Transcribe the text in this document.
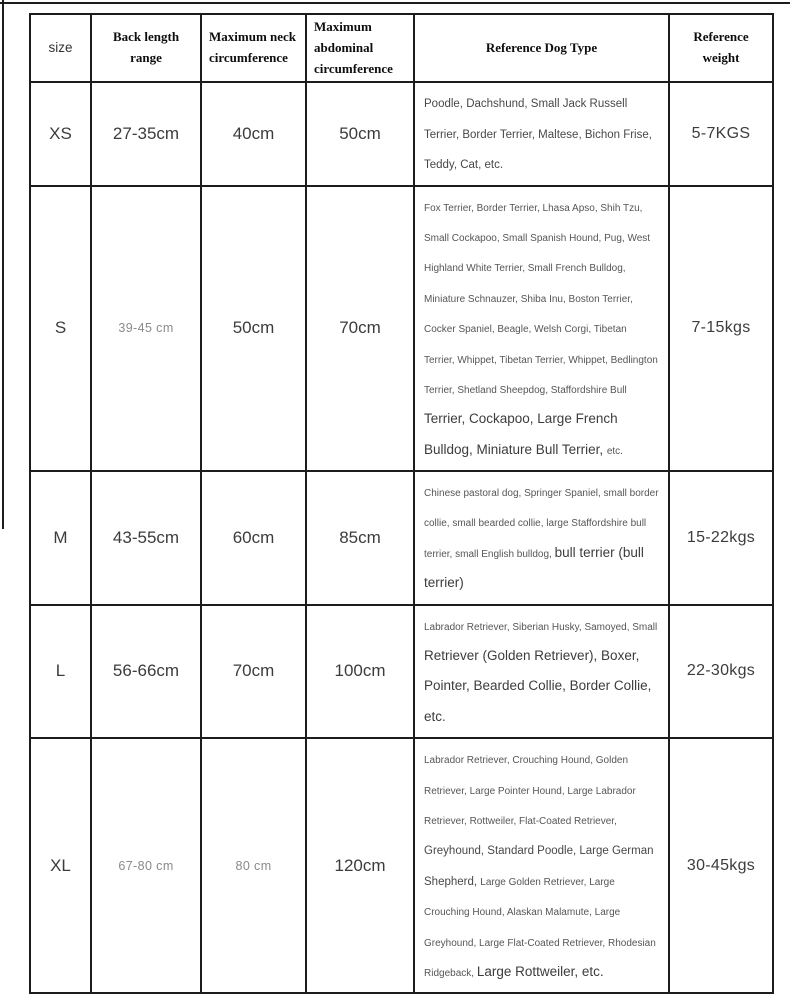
size	Back length range	Maximum neck circumference	Maximum abdominal circumference	Reference Dog Type	Reference weight
XS	27-35cm	40cm	50cm	Poodle, Dachshund, Small Jack Russell Terrier, Border Terrier, Maltese, Bichon Frise, Teddy, Cat, etc.	5-7KGS
S	39-45 cm	50cm	70cm	Fox Terrier, Border Terrier, Lhasa Apso, Shih Tzu, Small Cockapoo, Small Spanish Hound, Pug, West Highland White Terrier, Small French Bulldog, Miniature Schnauzer, Shiba Inu, Boston Terrier, Cocker Spaniel, Beagle, Welsh Corgi, Tibetan Terrier, Whippet, Tibetan Terrier, Whippet, Bedlington Terrier, Shetland Sheepdog, Staffordshire Bull Terrier, Cockapoo, Large French Bulldog, Miniature Bull Terrier, etc.	7-15kgs
M	43-55cm	60cm	85cm	Chinese pastoral dog, Springer Spaniel, small border collie, small bearded collie, large Staffordshire bull terrier, small English bulldog, bull terrier (bull terrier)	15-22kgs
L	56-66cm	70cm	100cm	Labrador Retriever, Siberian Husky, Samoyed, Small Retriever (Golden Retriever), Boxer, Pointer, Bearded Collie, Border Collie, etc.	22-30kgs
XL	67-80 cm	80 cm	120cm	Labrador Retriever, Crouching Hound, Golden Retriever, Large Pointer Hound, Large Labrador Retriever, Rottweiler, Flat-Coated Retriever, Greyhound, Standard Poodle, Large German Shepherd, Large Golden Retriever, Large Crouching Hound, Alaskan Malamute, Large Greyhound, Large Flat-Coated Retriever, Rhodesian Ridgeback, Large Rottweiler, etc.	30-45kgs
